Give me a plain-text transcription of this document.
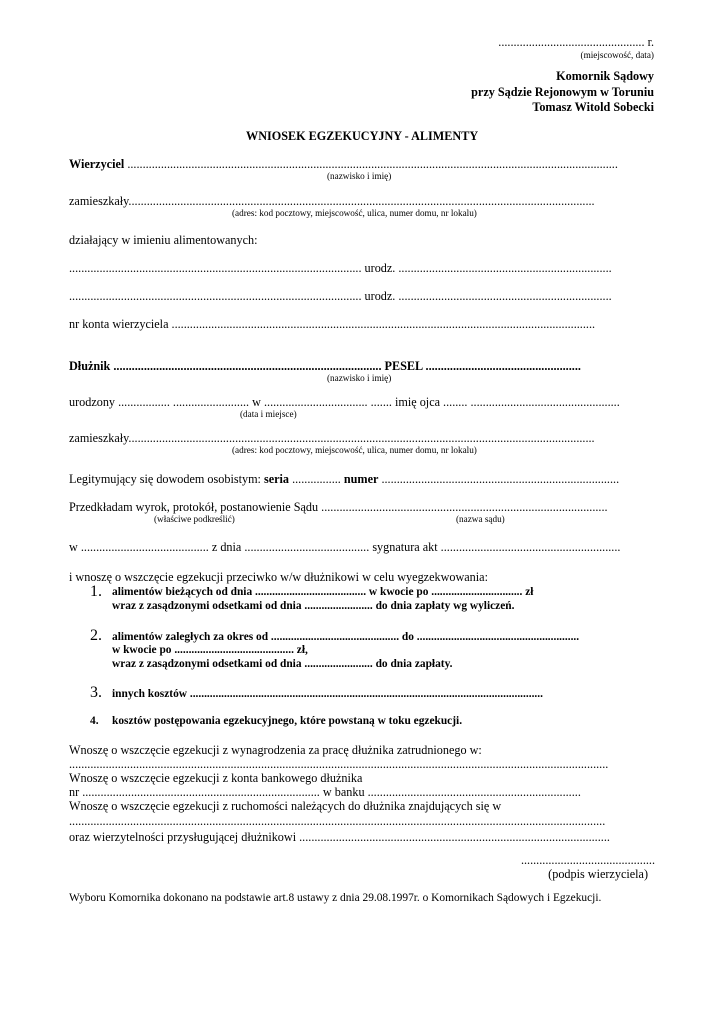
................................................ r.
(miejscowość, data)
Komornik Sądowy
przy Sądzie Rejonowym w Toruniu
Tomasz Witold Sobecki
WNIOSEK EGZEKUCYJNY - ALIMENTY
Wierzyciel .................................................................................................................................................................
(nazwisko i imię)
zamieszkały.........................................................................................................................................................
(adres: kod pocztowy, miejscowość, ulica, numer domu, nr lokalu)
działający w imieniu alimentowanych:
................................................................................................ urodz. ......................................................................
................................................................................................ urodz. ......................................................................
nr konta wierzyciela ...........................................................................................................................................
Dłużnik ........................................................................................ PESEL ...................................................
(nazwisko i imię)
urodzony ................. ......................... w .................................. ....... imię ojca ........ .................................................
(data i miejsce)
zamieszkały.........................................................................................................................................................
(adres: kod pocztowy, miejscowość, ulica, numer domu, nr lokalu)
Legitymujący się dowodem osobistym: seria ................ numer ..............................................................................
Przedkładam wyrok, protokół, postanowienie Sądu ..............................................................................................
(właściwe podkreślić)	(nazwa sądu)
w .......................................... z dnia ......................................... sygnatura akt ...........................................................
i wnoszę o wszczęcie egzekucji przeciwko w/w dłużnikowi w celu wyegzekwowania:
1. alimentów bieżących od dnia ....................................... w kwocie po ................................ zł
wraz z zasądzonymi odsetkami od dnia ........................ do dnia zapłaty wg wyliczeń.
2. alimentów zaległych za okres od ............................................. do .........................................................
w kwocie po .......................................... zł,
wraz z zasądzonymi odsetkami od dnia ........................ do dnia zapłaty.
3. innych kosztów ............................................................................................................................
4. kosztów postępowania egzekucyjnego, które powstaną w toku egzekucji.
Wnoszę o wszczęcie egzekucji z wynagrodzenia za pracę dłużnika zatrudnionego w:
.................................................................................................................................................................................
Wnoszę o wszczęcie egzekucji z konta bankowego dłużnika
nr .............................................................................. w banku ......................................................................
Wnoszę o wszczęcie egzekucji z ruchomości należących do dłużnika znajdujących się w
................................................................................................................................................................................
oraz wierzytelności przysługującej dłużnikowi ......................................................................................................
............................................
(podpis wierzyciela)
Wyboru Komornika dokonano na podstawie art.8 ustawy z dnia 29.08.1997r. o Komornikach Sądowych i Egzekucji.
